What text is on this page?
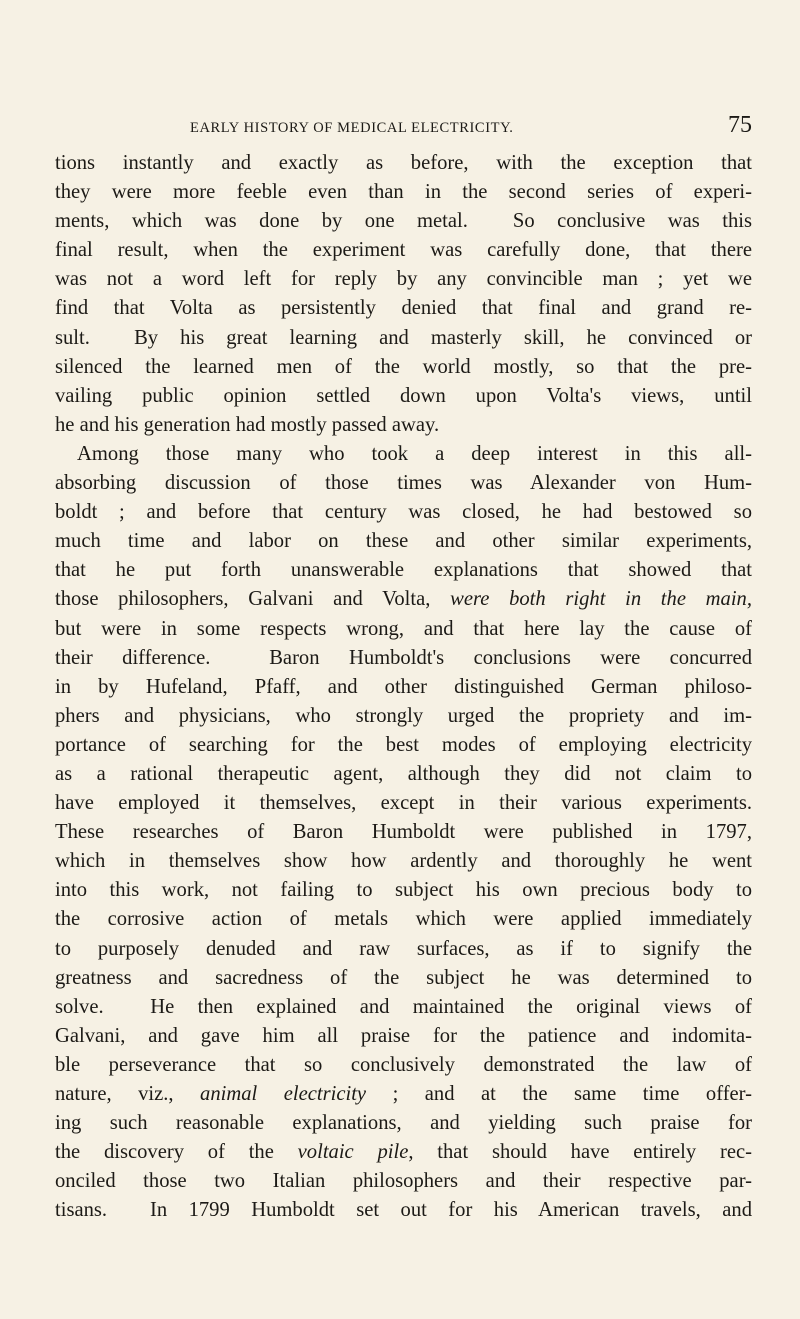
EARLY HISTORY OF MEDICAL ELECTRICITY.	75
tions instantly and exactly as before, with the exception that
they were more feeble even than in the second series of experi-
ments, which was done by one metal.  So conclusive was this
final result, when the experiment was carefully done, that there
was not a word left for reply by any convincible man ; yet we
find that Volta as persistently denied that final and grand re-
sult.  By his great learning and masterly skill, he convinced or
silenced the learned men of the world mostly, so that the pre-
vailing public opinion settled down upon Volta's views, until
he and his generation had mostly passed away.
Among those many who took a deep interest in this all-
absorbing discussion of those times was Alexander von Hum-
boldt ; and before that century was closed, he had bestowed so
much time and labor on these and other similar experiments,
that he put forth unanswerable explanations that showed that
those philosophers, Galvani and Volta, were both right in the main,
but were in some respects wrong, and that here lay the cause of
their difference.  Baron Humboldt's conclusions were concurred
in by Hufeland, Pfaff, and other distinguished German philoso-
phers and physicians, who strongly urged the propriety and im-
portance of searching for the best modes of employing electricity
as a rational therapeutic agent, although they did not claim to
have employed it themselves, except in their various experiments.
These researches of Baron Humboldt were published in 1797,
which in themselves show how ardently and thoroughly he went
into this work, not failing to subject his own precious body to
the corrosive action of metals which were applied immediately
to purposely denuded and raw surfaces, as if to signify the
greatness and sacredness of the subject he was determined to
solve.  He then explained and maintained the original views of
Galvani, and gave him all praise for the patience and indomita-
ble perseverance that so conclusively demonstrated the law of
nature, viz., animal electricity ; and at the same time offer-
ing such reasonable explanations, and yielding such praise for
the discovery of the voltaic pile, that should have entirely rec-
onciled those two Italian philosophers and their respective par-
tisans.  In 1799 Humboldt set out for his American travels, and
